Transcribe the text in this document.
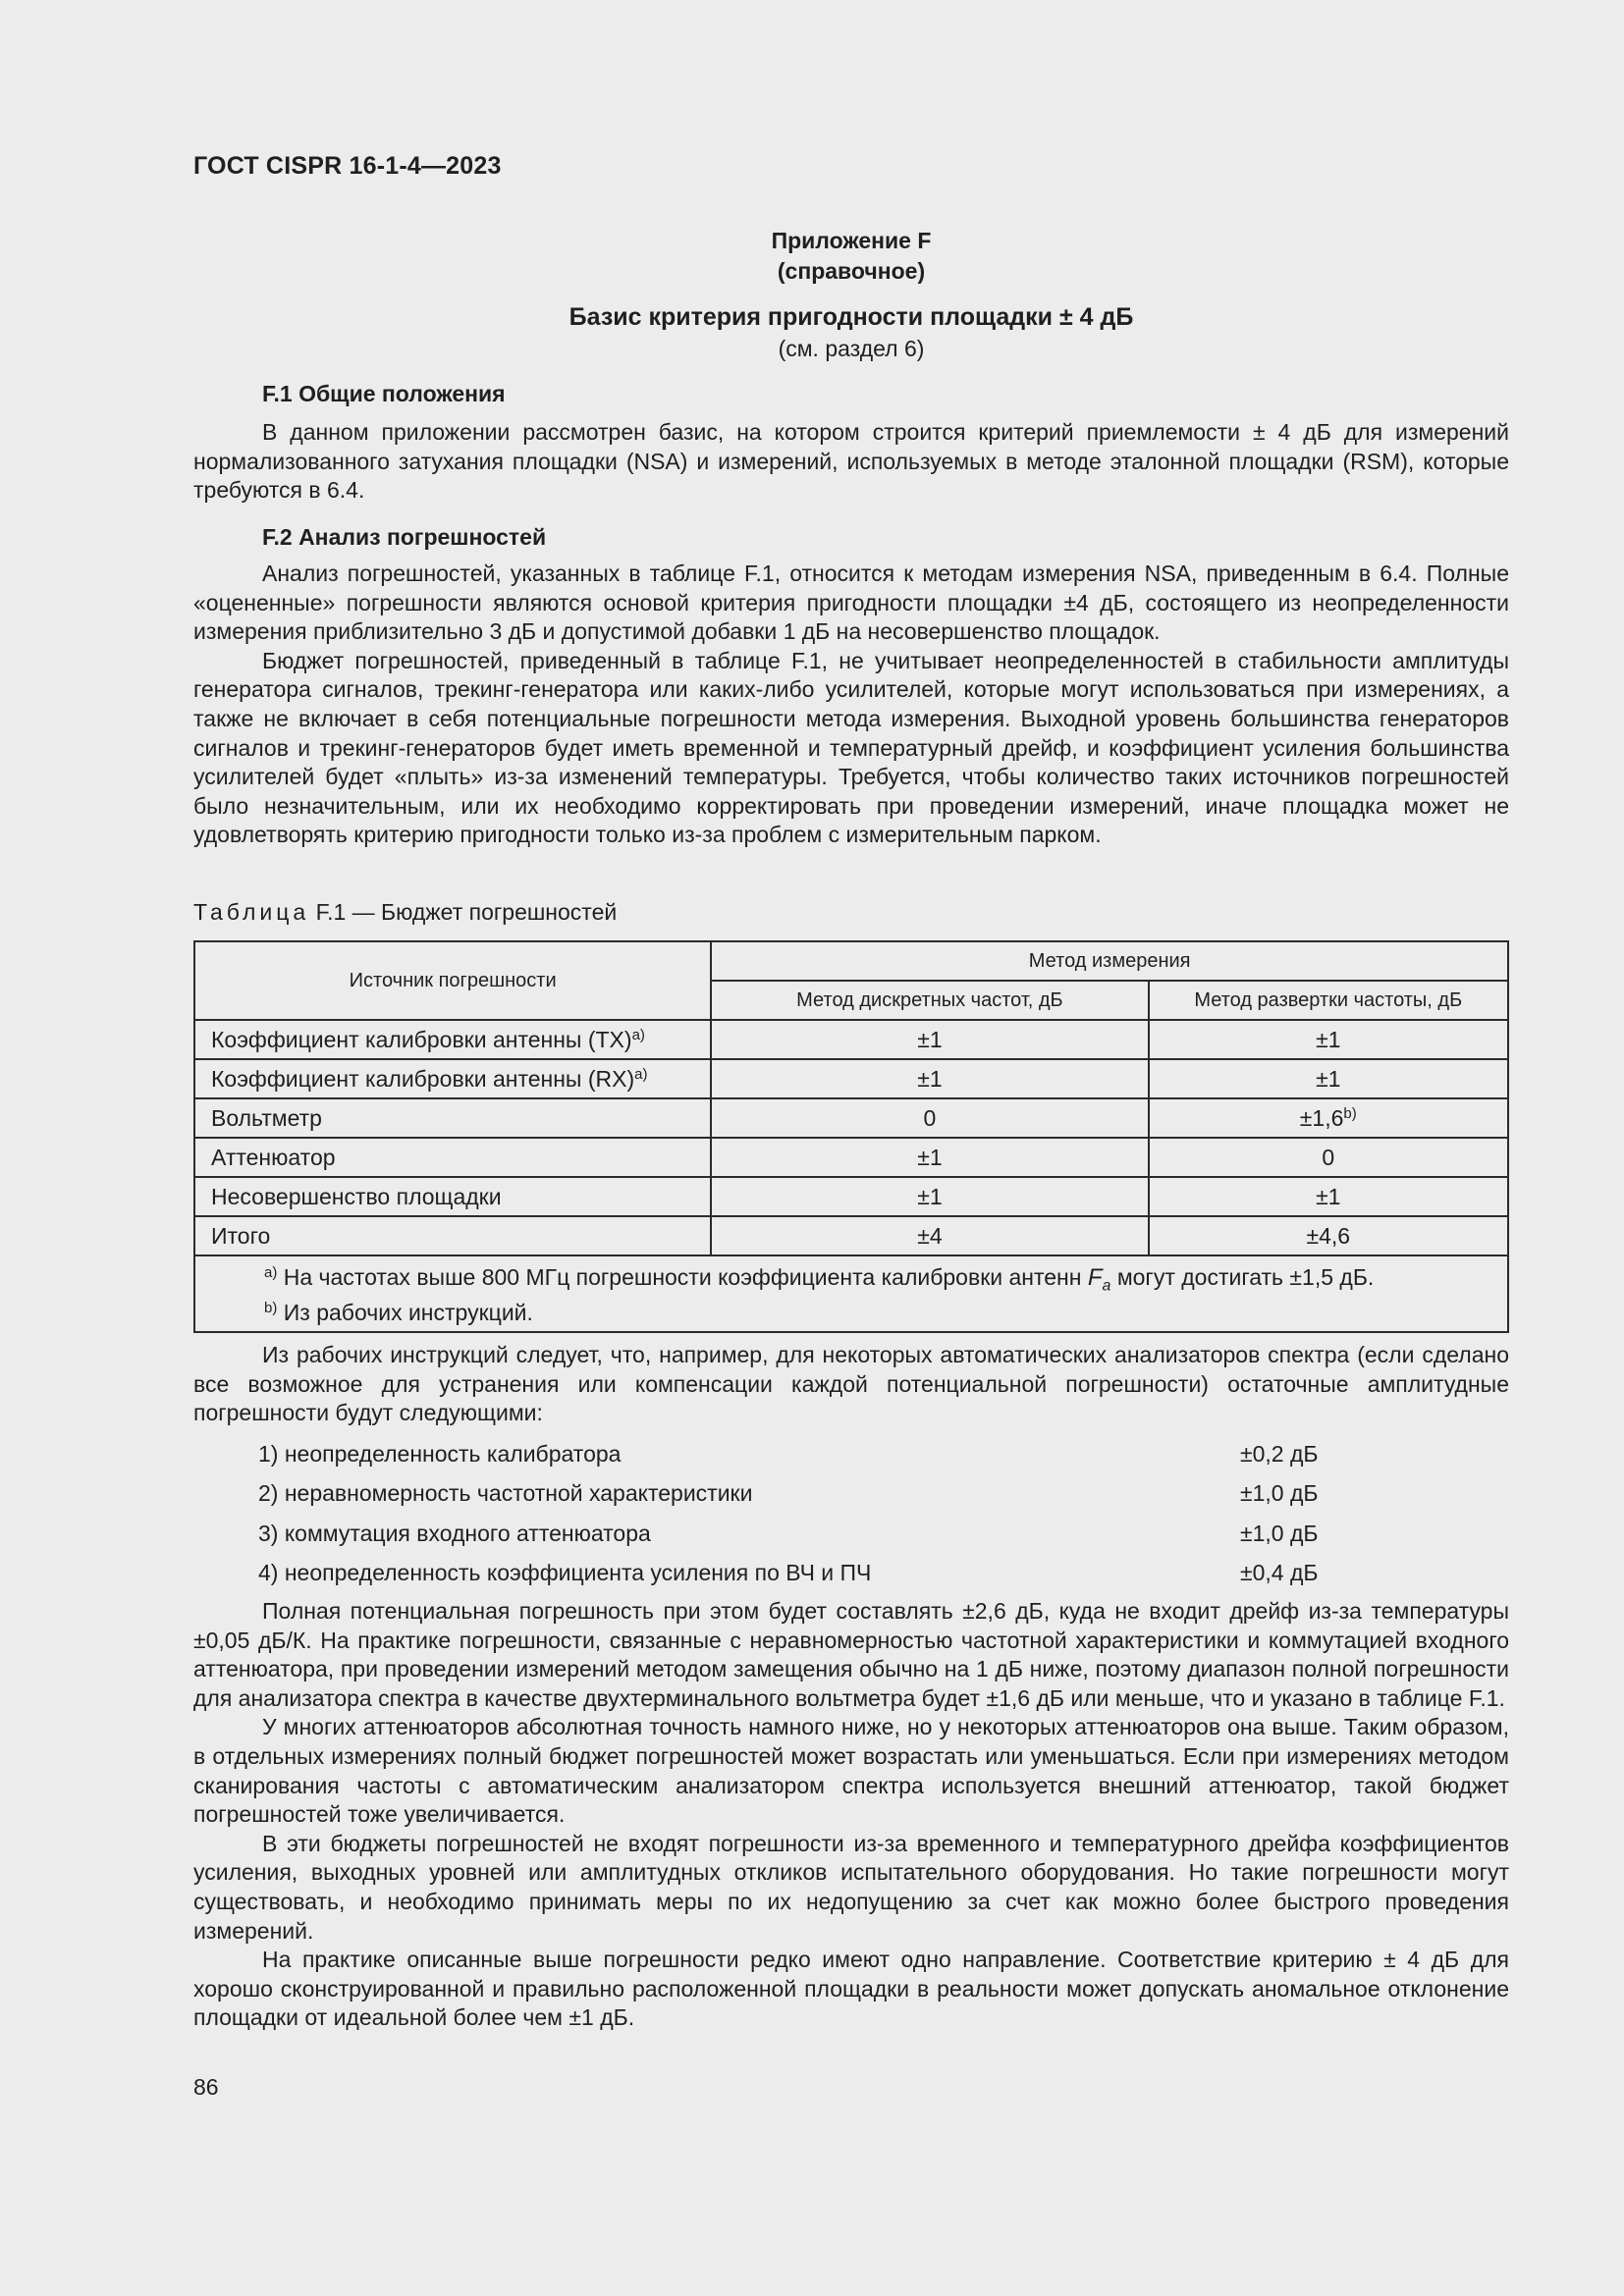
ГОСТ CISPR 16-1-4—2023
Приложение F
(справочное)
Базис критерия пригодности площадки ± 4 дБ
(см. раздел 6)
F.1 Общие положения

В данном приложении рассмотрен базис, на котором строится критерий приемлемости ± 4 дБ для измерений нормализованного затухания площадки (NSA) и измерений, используемых в методе эталонной площадки (RSM), которые требуются в 6.4.

F.2 Анализ погрешностей

Анализ погрешностей, указанных в таблице F.1, относится к методам измерения NSA, приведенным в 6.4. Полные «оцененные» погрешности являются основой критерия пригодности площадки ±4 дБ, состоящего из неопределенности измерения приблизительно 3 дБ и допустимой добавки 1 дБ на несовершенство площадок.

Бюджет погрешностей, приведенный в таблице F.1, не учитывает неопределенностей в стабильности амплитуды генератора сигналов, трекинг-генератора или каких-либо усилителей, которые могут использоваться при измерениях, а также не включает в себя потенциальные погрешности метода измерения. Выходной уровень большинства генераторов сигналов и трекинг-генераторов будет иметь временной и температурный дрейф, и коэффициент усиления большинства усилителей будет «плыть» из-за изменений температуры. Требуется, чтобы количество таких источников погрешностей было незначительным, или их необходимо корректировать при проведении измерений, иначе площадка может не удовлетворять критерию пригодности только из-за проблем с измерительным парком.

Таблица F.1 — Бюджет погрешностей
Источник погрешности	Метод измерения	
	Метод дискретных частот, дБ	Метод развертки частоты, дБ
Коэффициент калибровки антенны (TX)$^{a)}$	±1	±1
Коэффициент калибровки антенны (RX)$^{a)}$	±1	±1
Вольтметр	0	$\pm 1,6^{b)}$
Аттенюатор	±1	0
Несовершенство площадки	±1	±1
Итого	±4	±4,6

$^{a)}$ На частотах выше 800 МГц погрешности коэффициента калибровки антенн $F_a$ могут достигать ±1,5 дБ.
$^{b)}$ Из рабочих инструкций.		

Из рабочих инструкций следует, что, например, для некоторых автоматических анализаторов спектра (если сделано все возможное для устранения или компенсации каждой потенциальной погрешности) остаточные амплитудные погрешности будут следующими:

1) неопределенность калибратора	±0,2 дБ
2) неравномерность частотной характеристики	±1,0 дБ
3) коммутация входного аттенюатора	±1,0 дБ
4) неопределенность коэффициента усиления по ВЧ и ПЧ	±0,4 дБ

Полная потенциальная погрешность при этом будет составлять ±2,6 дБ, куда не входит дрейф из-за температуры ±0,05 дБ/К. На практике погрешности, связанные с неравномерностью частотной характеристики и коммутацией входного аттенюатора, при проведении измерений методом замещения обычно на 1 дБ ниже, поэтому диапазон полной погрешности для анализатора спектра в качестве двухтерминального вольтметра будет ±1,6 дБ или меньше, что и указано в таблице F.1.

У многих аттенюаторов абсолютная точность намного ниже, но у некоторых аттенюаторов она выше. Таким образом, в отдельных измерениях полный бюджет погрешностей может возрастать или уменьшаться. Если при измерениях методом сканирования частоты с автоматическим анализатором спектра используется внешний аттенюатор, такой бюджет погрешностей тоже увеличивается.

В эти бюджеты погрешностей не входят погрешности из-за временного и температурного дрейфа коэффициентов усиления, выходных уровней или амплитудных откликов испытательного оборудования. Но такие погрешности могут существовать, и необходимо принимать меры по их недопущению за счет как можно более быстрого проведения измерений.

На практике описанные выше погрешности редко имеют одно направление. Соответствие критерию ± 4 дБ для хорошо сконструированной и правильно расположенной площадки в реальности может допускать аномальное отклонение площадки от идеальной более чем ±1 дБ.

86
